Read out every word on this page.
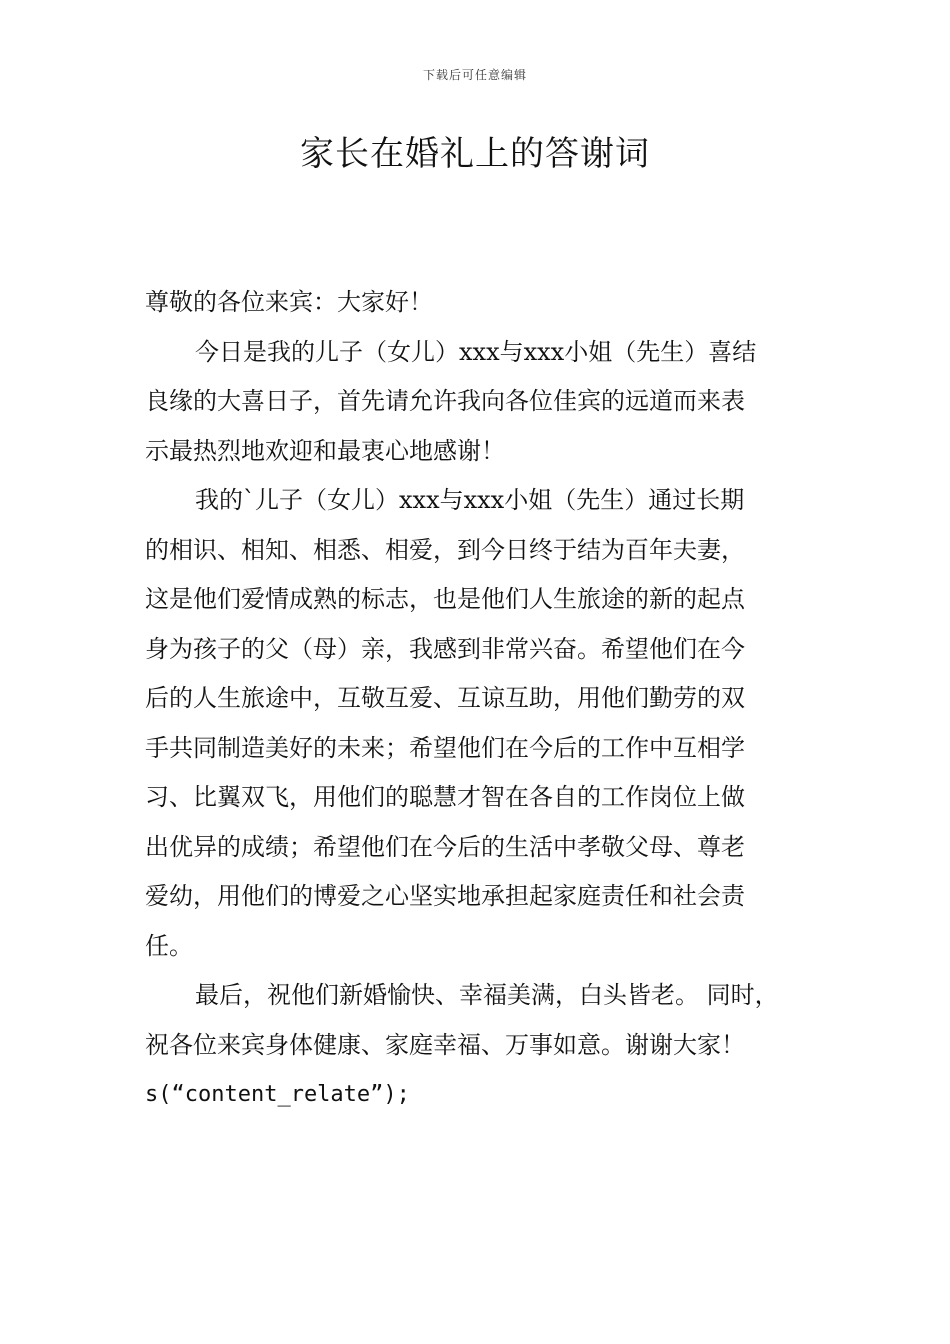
下载后可任意编辑
家长在婚礼上的答谢词

尊敬的各位来宾：大家好！

今日是我的儿子（女儿）xxx与xxx小姐（先生）喜结
良缘的大喜日子，首先请允许我向各位佳宾的远道而来表
示最热烈地欢迎和最衷心地感谢！

我的`儿子（女儿）xxx与xxx小姐（先生）通过长期
的相识、相知、相悉、相爱，到今日终于结为百年夫妻，
这是他们爱情成熟的标志，也是他们人生旅途的新的起点
身为孩子的父（母）亲，我感到非常兴奋。希望他们在今
后的人生旅途中，互敬互爱、互谅互助，用他们勤劳的双
手共同制造美好的未来；希望他们在今后的工作中互相学
习、比翼双飞，用他们的聪慧才智在各自的工作岗位上做
出优异的成绩；希望他们在今后的生活中孝敬父母、尊老
爱幼，用他们的博爱之心坚实地承担起家庭责任和社会责
任。

最后，祝他们新婚愉快、幸福美满，白头皆老。 同时，
祝各位来宾身体健康、家庭幸福、万事如意。谢谢大家！

s(“content_relate”);
